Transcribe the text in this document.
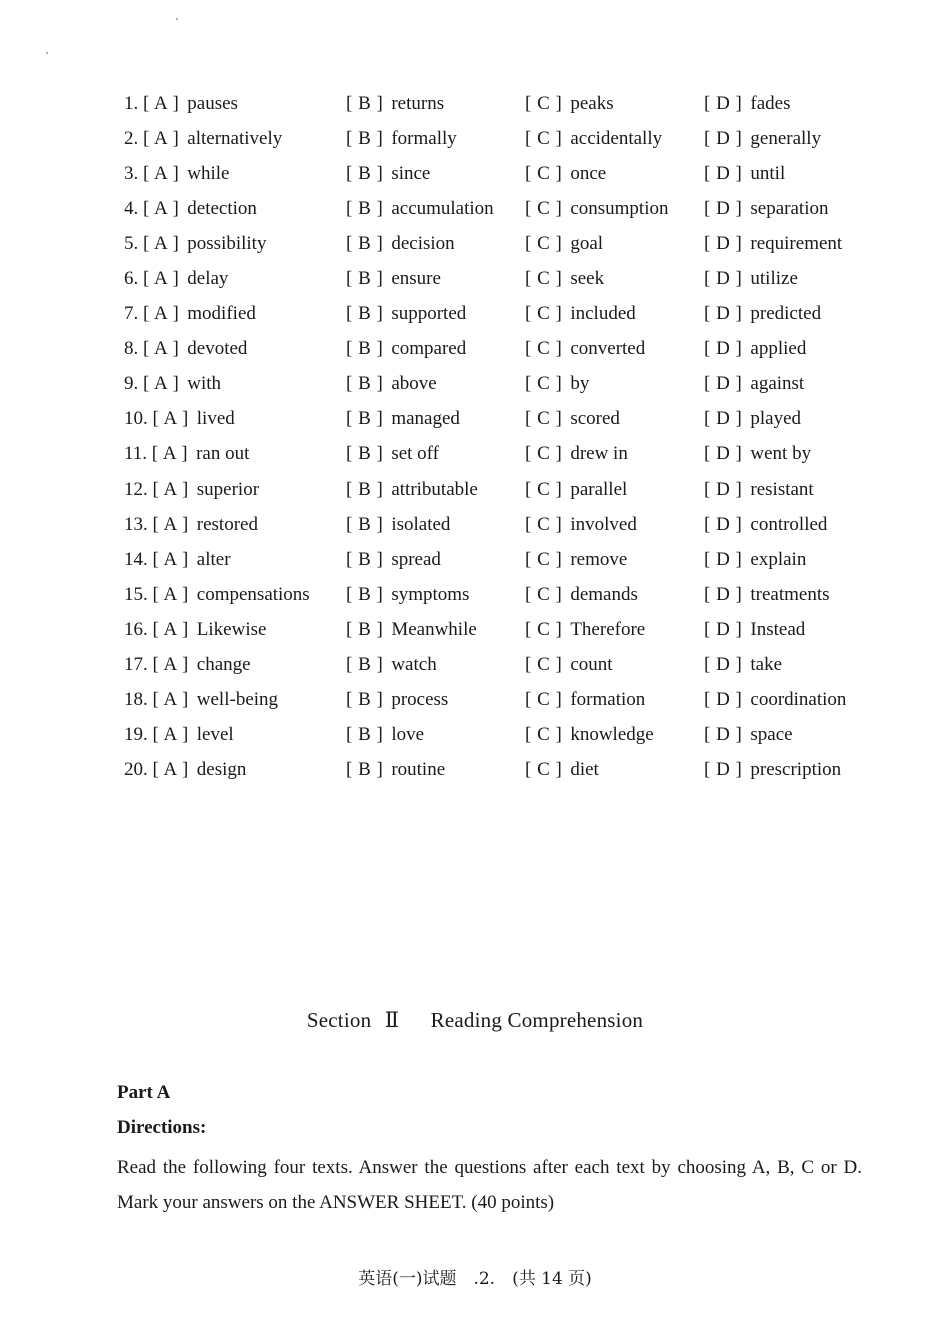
1. [ A ] pauses	[ B ] returns	[ C ] peaks	[ D ] fades
2. [ A ] alternatively	[ B ] formally	[ C ] accidentally	[ D ] generally
3. [ A ] while	[ B ] since	[ C ] once	[ D ] until
4. [ A ] detection	[ B ] accumulation	[ C ] consumption	[ D ] separation
5. [ A ] possibility	[ B ] decision	[ C ] goal	[ D ] requirement
6. [ A ] delay	[ B ] ensure	[ C ] seek	[ D ] utilize
7. [ A ] modified	[ B ] supported	[ C ] included	[ D ] predicted
8. [ A ] devoted	[ B ] compared	[ C ] converted	[ D ] applied
9. [ A ] with	[ B ] above	[ C ] by	[ D ] against
10. [ A ] lived	[ B ] managed	[ C ] scored	[ D ] played
11. [ A ] ran out	[ B ] set off	[ C ] drew in	[ D ] went by
12. [ A ] superior	[ B ] attributable	[ C ] parallel	[ D ] resistant
13. [ A ] restored	[ B ] isolated	[ C ] involved	[ D ] controlled
14. [ A ] alter	[ B ] spread	[ C ] remove	[ D ] explain
15. [ A ] compensations	[ B ] symptoms	[ C ] demands	[ D ] treatments
16. [ A ] Likewise	[ B ] Meanwhile	[ C ] Therefore	[ D ] Instead
17. [ A ] change	[ B ] watch	[ C ] count	[ D ] take
18. [ A ] well-being	[ B ] process	[ C ] formation	[ D ] coordination
19. [ A ] level	[ B ] love	[ C ] knowledge	[ D ] space
20. [ A ] design	[ B ] routine	[ C ] diet	[ D ] prescription
Section Ⅱ Reading Comprehension
Part A
Directions:
Read the following four texts. Answer the questions after each text by choosing A, B, C or D. Mark your answers on the ANSWER SHEET. (40 points)
英语(一)试题　.2.　(共 14 页)
